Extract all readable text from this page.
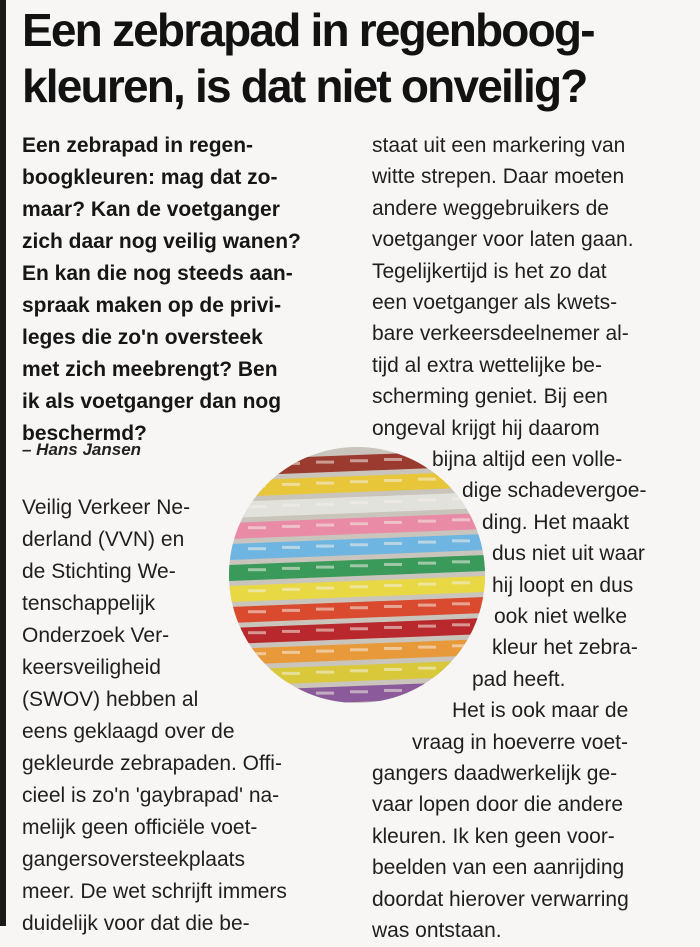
Een zebrapad in regenboog-
kleuren, is dat niet onveilig?
Een zebrapad in regen-
boogkleuren: mag dat zo-
maar? Kan de voetganger
zich daar nog veilig wanen?
En kan die nog steeds aan-
spraak maken op de privi-
leges die zo'n oversteek
met zich meebrengt? Ben
ik als voetganger dan nog
beschermd?
– Hans Jansen
Veilig Verkeer Ne-
derland (VVN) en
de Stichting We-
tenschappelijk
Onderzoek Ver-
keersveiligheid
(SWOV) hebben al
eens geklaagd over de
gekleurde zebrapaden. Offi-
cieel is zo'n 'gaybrapad' na-
melijk geen officiële voet-
gangersoversteekplaats
meer. De wet schrijft immers
duidelijk voor dat die be-
staat uit een markering van
witte strepen. Daar moeten
andere weggebruikers de
voetganger voor laten gaan.
Tegelijkertijd is het zo dat
een voetganger als kwets-
bare verkeersdeelnemer al-
tijd al extra wettelijke be-
scherming geniet. Bij een
ongeval krijgt hij daarom
bijna altijd een volle-
dige schadevergoe-
ding. Het maakt
dus niet uit waar
hij loopt en dus
ook niet welke
kleur het zebra-
pad heeft.
Het is ook maar de
vraag in hoeverre voet-
gangers daadwerkelijk ge-
vaar lopen door die andere
kleuren. Ik ken geen voor-
beelden van een aanrijding
doordat hierover verwarring
was ontstaan.
